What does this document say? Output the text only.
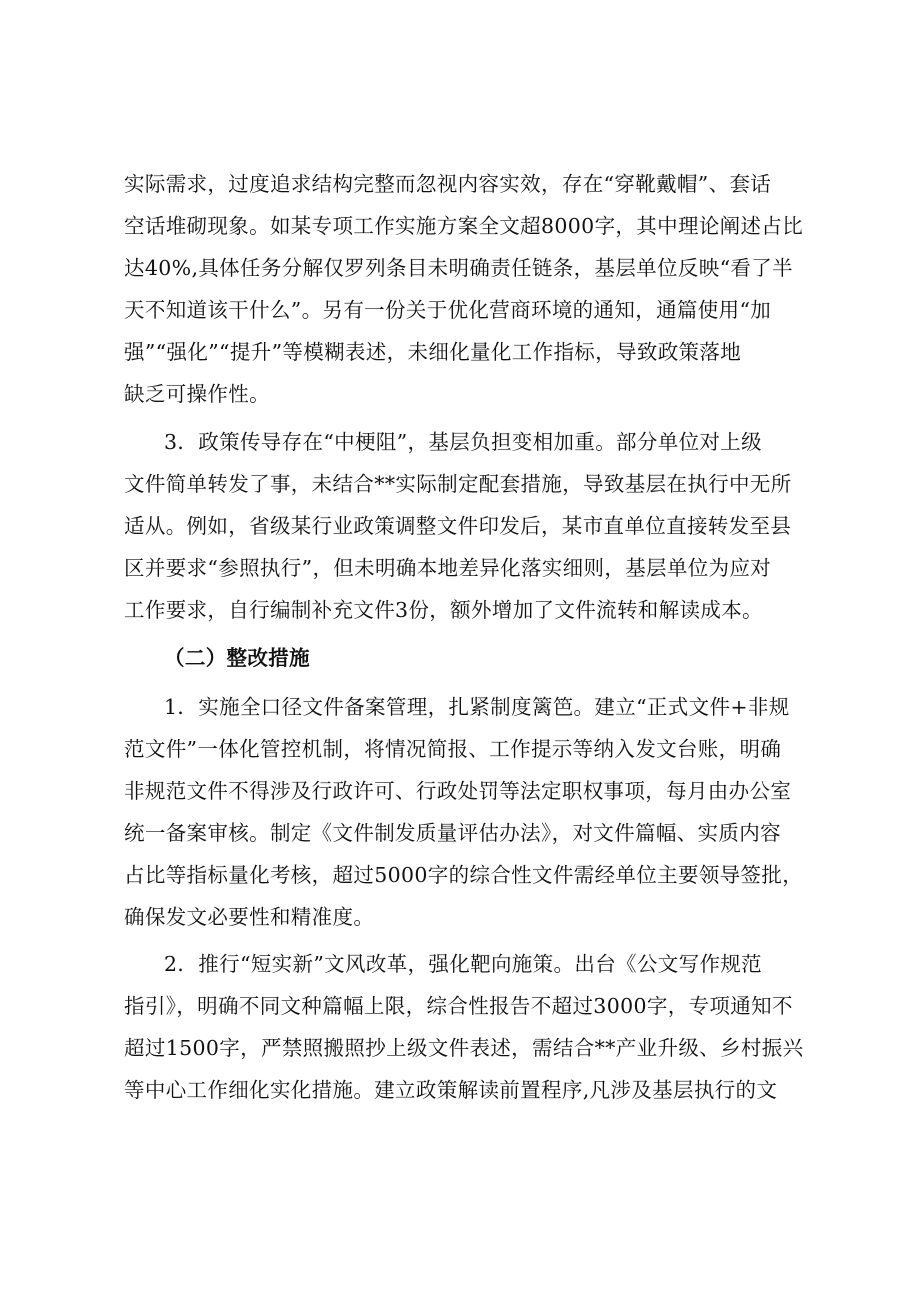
实际需求，过度追求结构完整而忽视内容实效，存在“穿靴戴帽”、套话
空话堆砌现象。如某专项工作实施方案全文超8000字，其中理论阐述占比
达40%,具体任务分解仅罗列条目未明确责任链条，基层单位反映“看了半
天不知道该干什么”。另有一份关于优化营商环境的通知，通篇使用“加
强”“强化”“提升”等模糊表述，未细化量化工作指标，导致政策落地
缺乏可操作性。
3．政策传导存在“中梗阻”，基层负担变相加重。部分单位对上级
文件简单转发了事，未结合**实际制定配套措施，导致基层在执行中无所
适从。例如，省级某行业政策调整文件印发后，某市直单位直接转发至县
区并要求“参照执行”，但未明确本地差异化落实细则，基层单位为应对
工作要求，自行编制补充文件3份，额外增加了文件流转和解读成本。
（二）整改措施
1．实施全口径文件备案管理，扎紧制度篱笆。建立“正式文件+非规
范文件”一体化管控机制，将情况简报、工作提示等纳入发文台账，明确
非规范文件不得涉及行政许可、行政处罚等法定职权事项，每月由办公室
统一备案审核。制定《文件制发质量评估办法》，对文件篇幅、实质内容
占比等指标量化考核，超过5000字的综合性文件需经单位主要领导签批，
确保发文必要性和精准度。
2．推行“短实新”文风改革，强化靶向施策。出台《公文写作规范
指引》，明确不同文种篇幅上限，综合性报告不超过3000字，专项通知不
超过1500字，严禁照搬照抄上级文件表述，需结合**产业升级、乡村振兴
等中心工作细化实化措施。建立政策解读前置程序,凡涉及基层执行的文
